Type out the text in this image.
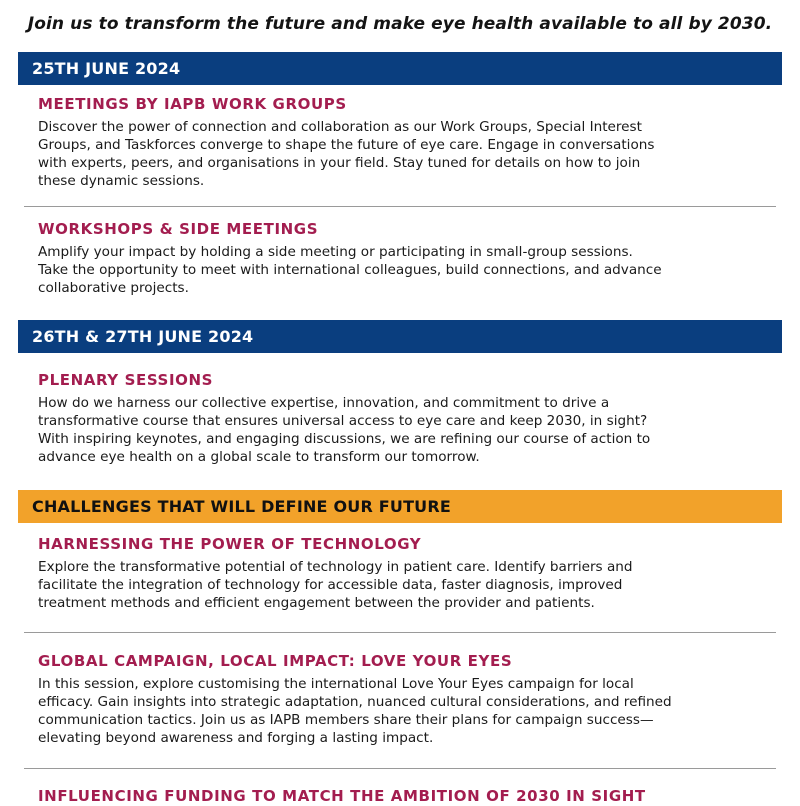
Join us to transform the future and make eye health available to all by 2030.
25TH JUNE 2024
MEETINGS BY IAPB WORK GROUPS

Discover the power of connection and collaboration as our Work Groups, Special Interest
Groups, and Taskforces converge to shape the future of eye care. Engage in conversations
with experts, peers, and organisations in your field. Stay tuned for details on how to join
these dynamic sessions.

WORKSHOPS & SIDE MEETINGS

Amplify your impact by holding a side meeting or participating in small-group sessions.
Take the opportunity to meet with international colleagues, build connections, and advance
collaborative projects.

26TH & 27TH JUNE 2024
PLENARY SESSIONS

How do we harness our collective expertise, innovation, and commitment to drive a
transformative course that ensures universal access to eye care and keep 2030, in sight?
With inspiring keynotes, and engaging discussions, we are refining our course of action to
advance eye health on a global scale to transform our tomorrow.

CHALLENGES THAT WILL DEFINE OUR FUTURE
HARNESSING THE POWER OF TECHNOLOGY

Explore the transformative potential of technology in patient care. Identify barriers and
facilitate the integration of technology for accessible data, faster diagnosis, improved
treatment methods and efficient engagement between the provider and patients.

GLOBAL CAMPAIGN, LOCAL IMPACT: LOVE YOUR EYES

In this session, explore customising the international Love Your Eyes campaign for local
efficacy. Gain insights into strategic adaptation, nuanced cultural considerations, and refined
communication tactics. Join us as IAPB members share their plans for campaign success—
elevating beyond awareness and forging a lasting impact.

INFLUENCING FUNDING TO MATCH THE AMBITION OF 2030 IN SIGHT
